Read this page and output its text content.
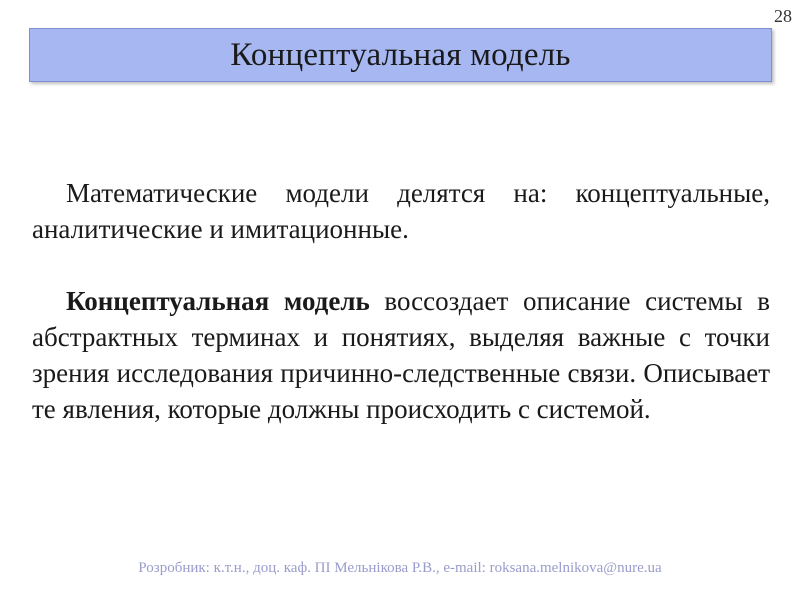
28
Концептуальная модель

Математические модели делятся на: концептуальные, аналитические и имитационные.

Концептуальная модель воссоздает описание системы в абстрактных терминах и понятиях, выделяя важные с точки зрения исследования причинно-следственные связи. Описывает те явления, которые должны происходить с системой.

Розробник: к.т.н., доц. каф. ПІ Мельнікова Р.В., e-mail: roksana.melnikova@nure.ua
